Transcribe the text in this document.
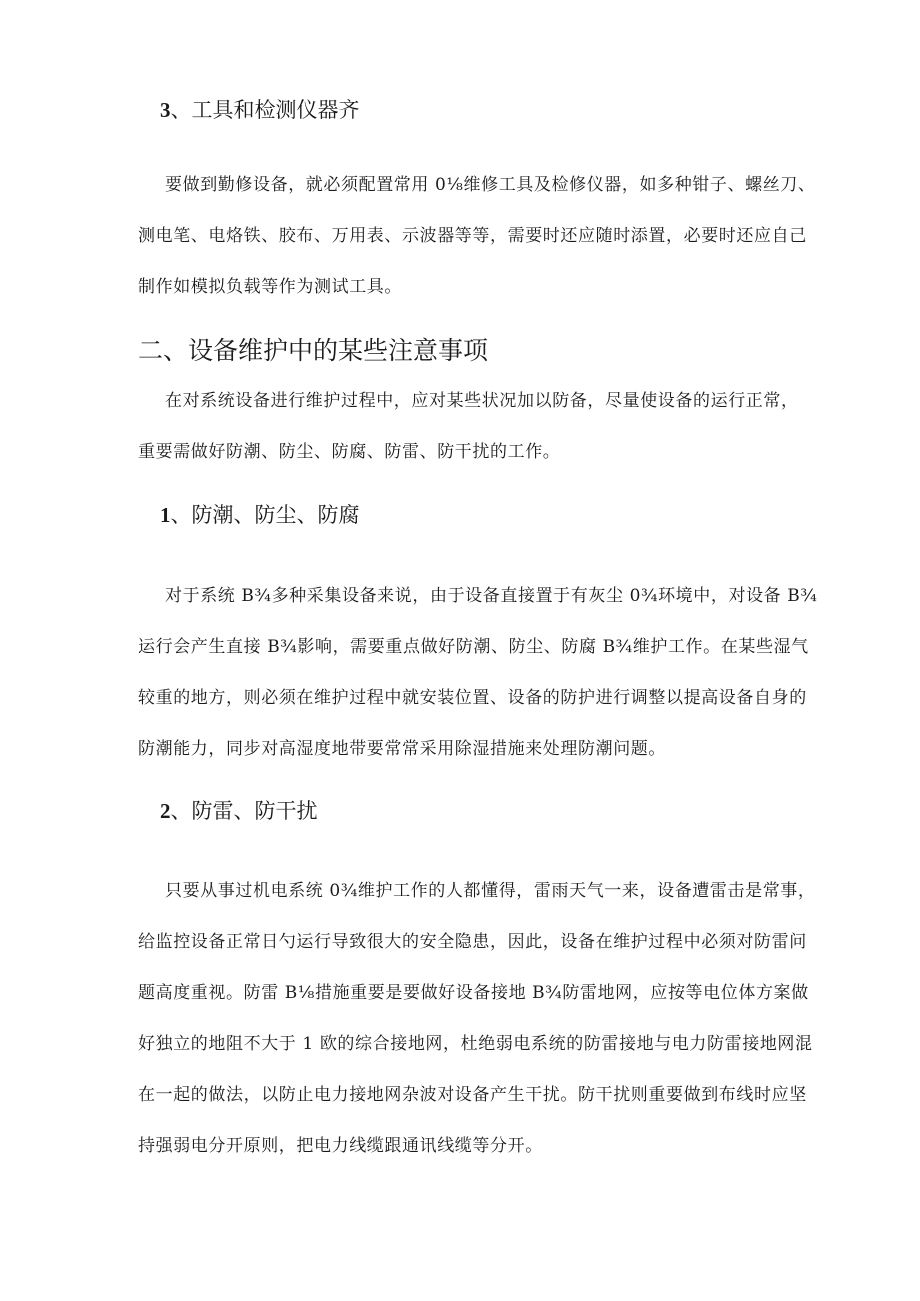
3、工具和检测仪器齐
要做到勤修设备，就必须配置常用 0⅛维修工具及检修仪器，如多种钳子、螺丝刀、
测电笔、电烙铁、胶布、万用表、示波器等等，需要时还应随时添置，必要时还应自己
制作如模拟负载等作为测试工具。
二、设备维护中的某些注意事项
在对系统设备进行维护过程中，应对某些状况加以防备，尽量使设备的运行正常，
重要需做好防潮、防尘、防腐、防雷、防干扰的工作。
1、防潮、防尘、防腐
对于系统 B¾多种采集设备来说，由于设备直接置于有灰尘 0¾环境中，对设备 B¾
运行会产生直接 B¾影响，需要重点做好防潮、防尘、防腐 B¾维护工作。在某些湿气
较重的地方，则必须在维护过程中就安装位置、设备的防护进行调整以提高设备自身的
防潮能力，同步对高湿度地带要常常采用除湿措施来处理防潮问题。
2、防雷、防干扰
只要从事过机电系统 0¾维护工作的人都懂得，雷雨天气一来，设备遭雷击是常事，
给监控设备正常日勺运行导致很大的安全隐患，因此，设备在维护过程中必须对防雷问
题高度重视。防雷 B⅛措施重要是要做好设备接地 B¾防雷地网，应按等电位体方案做
好独立的地阻不大于 1 欧的综合接地网，杜绝弱电系统的防雷接地与电力防雷接地网混
在一起的做法，以防止电力接地网杂波对设备产生干扰。防干扰则重要做到布线时应坚
持强弱电分开原则，把电力线缆跟通讯线缆等分开。
